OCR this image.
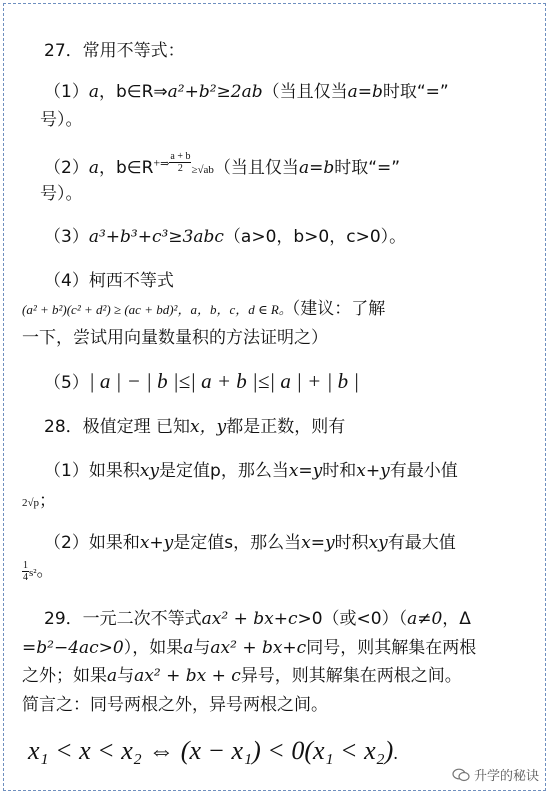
27．常用不等式：
（1）a，b∈R⇒a²+b²≥2ab（当且仅当a=b时取“=”
号）。
（2）a，b∈R+⇒ $\frac{a + b}{2} \ge√ab$（当且仅当a=b时取“=”
号）。
（3）a³+b³+c³≥3abc（a>0，b>0，c>0）。
（4）柯西不等式
(a² + b²)(c² + d²) ≥ (ac + bd)²，a，b，c，d ∈ R。（建议：了解
一下，尝试用向量数量积的方法证明之）
（5）| a | − | b |≤| a + b |≤| a | + | b |
28．极值定理 已知x，y都是正数，则有
（1）如果积xy是定值p，那么当x=y时和x+y有最小值
2√p；
（2）如果和x+y是定值s，那么当x=y时积xy有最大值
$\frac{1}{4} s^2$。
29．一元二次不等式ax² + bx+c>0（或<0）（a≠0，Δ
=b²−4ac>0），如果a与ax² + bx+c同号，则其解集在两根
之外；如果a与ax² + bx + c异号，则其解集在两根之间。
简言之：同号两根之外，异号两根之间。
x₁ < x < x₂ ⇔ (x − x₁) < 0(x₁ < x₂).
升学的秘诀
